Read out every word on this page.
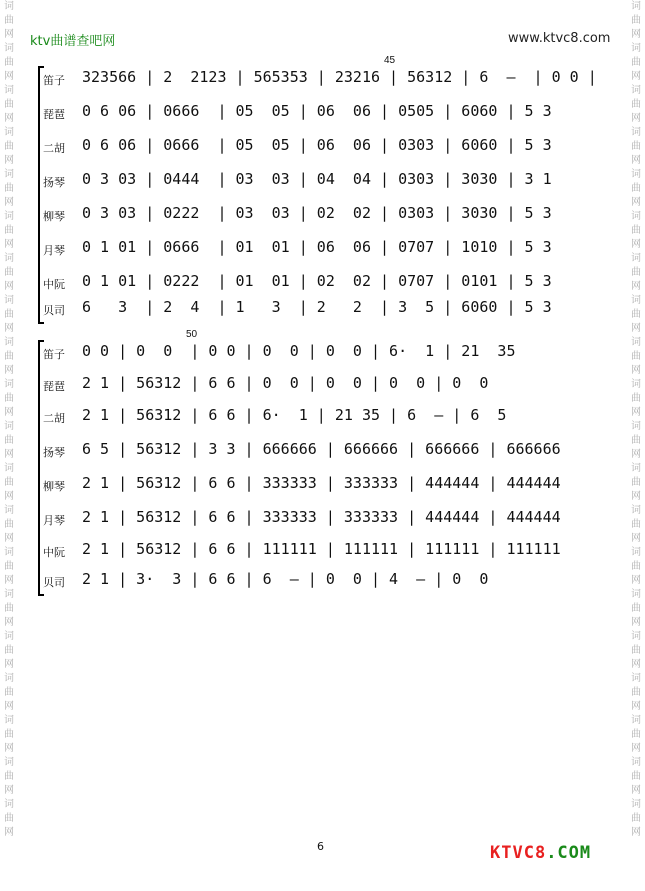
词曲网词曲网词曲网词曲网词曲网词曲网词曲网词曲网词曲网词曲网词曲网词曲网词曲网词曲网词曲网词曲网词曲网词曲网词曲网词曲网
词曲网词曲网词曲网词曲网词曲网词曲网词曲网词曲网词曲网词曲网词曲网词曲网词曲网词曲网词曲网词曲网词曲网词曲网词曲网词曲网
ktv曲谱查吧网	www.ktvc8.com
45
笛子	323566 | 2  2123 | 565353 | 23216 | 56312 | 6  —  | 0 0 |
琵琶	0 6 06 | 0666  | 05  05 | 06  06 | 0505 | 6060 | 5 3
二胡	0 6 06 | 0666  | 05  05 | 06  06 | 0303 | 6060 | 5 3
扬琴	0 3 03 | 0444  | 03  03 | 04  04 | 0303 | 3030 | 3 1
柳琴	0 3 03 | 0222  | 03  03 | 02  02 | 0303 | 3030 | 5 3
月琴	0 1 01 | 0666  | 01  01 | 06  06 | 0707 | 1010 | 5 3
中阮	0 1 01 | 0222  | 01  01 | 02  02 | 0707 | 0101 | 5 3
贝司	6   3  | 2  4  | 1   3  | 2   2  | 3  5 | 6060 | 5 3
50
笛子	0 0 | 0  0  | 0 0 | 0  0 | 0  0 | 6·  1 | 21  35
琵琶	2 1 | 56312 | 6 6 | 0  0 | 0  0 | 0  0 | 0  0
二胡	2 1 | 56312 | 6 6 | 6·  1 | 21 35 | 6  — | 6  5
扬琴	6 5 | 56312 | 3 3 | 666666 | 666666 | 666666 | 666666
柳琴	2 1 | 56312 | 6 6 | 333333 | 333333 | 444444 | 444444
月琴	2 1 | 56312 | 6 6 | 333333 | 333333 | 444444 | 444444
中阮	2 1 | 56312 | 6 6 | 111111 | 111111 | 111111 | 111111
贝司	2 1 | 3·  3 | 6 6 | 6  — | 0  0 | 4  — | 0  0
6	KTVC8.COM
